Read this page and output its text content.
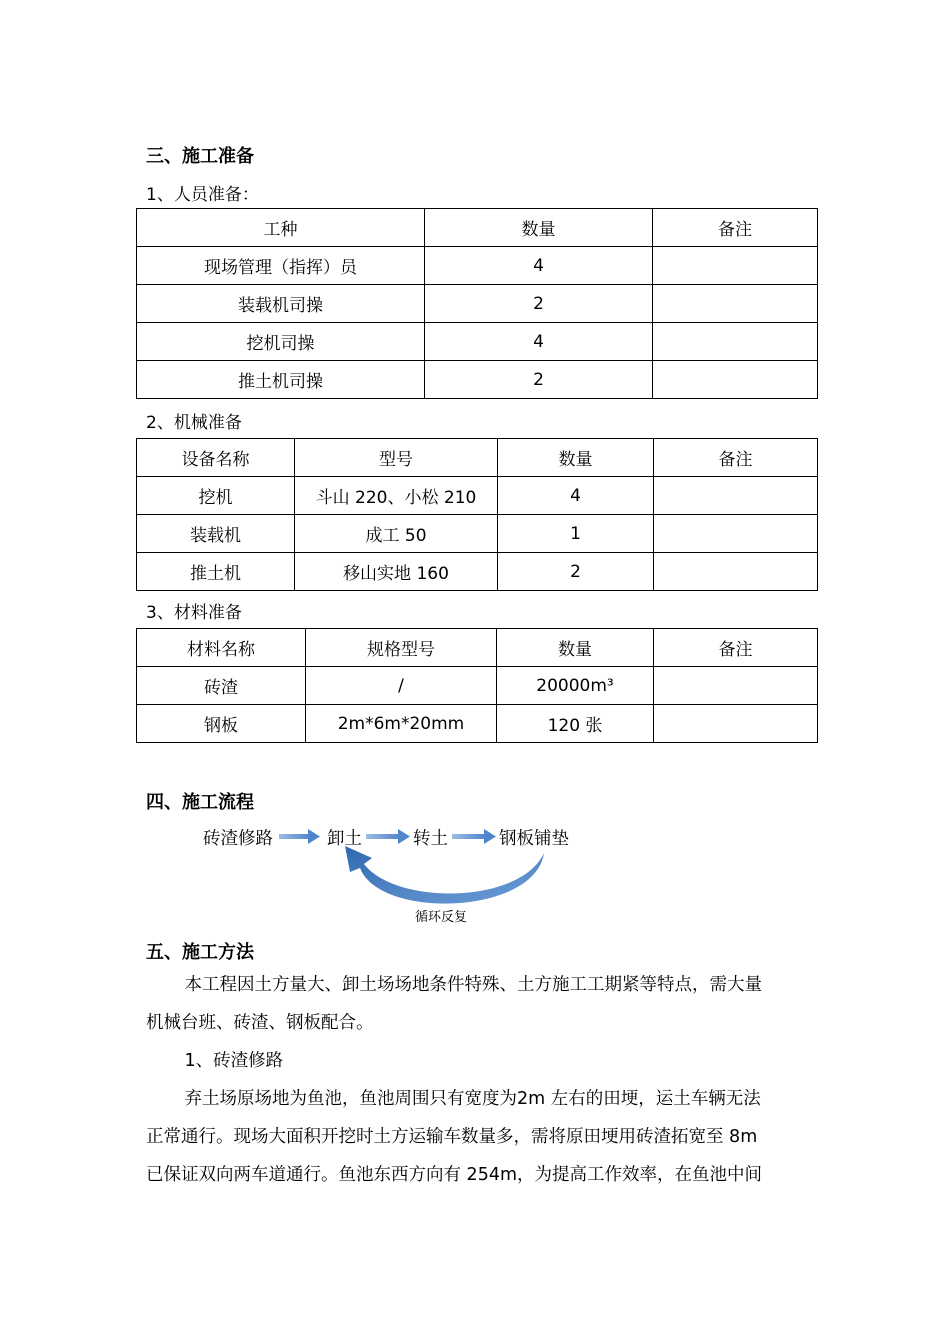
三、施工准备
1、人员准备：
工种	数量	备注
现场管理（指挥）员	4	
装载机司操	2	
挖机司操	4	
推土机司操	2	
2、机械准备
设备名称	型号	数量	备注
挖机	斗山 220、小松 210	4	
装载机	成工 50	1	
推土机	移山实地 160	2	
3、材料准备
材料名称	规格型号	数量	备注
砖渣	/	20000m³	
钢板	2m*6m*20mm	120 张	
四、施工流程
砖渣修路	卸土	转土	钢板铺垫
循环反复
五、施工方法
本工程因土方量大、卸土场场地条件特殊、土方施工工期紧等特点，需大量
机械台班、砖渣、钢板配合。
1、砖渣修路
弃土场原场地为鱼池，鱼池周围只有宽度为2m 左右的田埂，运土车辆无法
正常通行。现场大面积开挖时土方运输车数量多，需将原田埂用砖渣拓宽至 8m
已保证双向两车道通行。鱼池东西方向有 254m，为提高工作效率，在鱼池中间
